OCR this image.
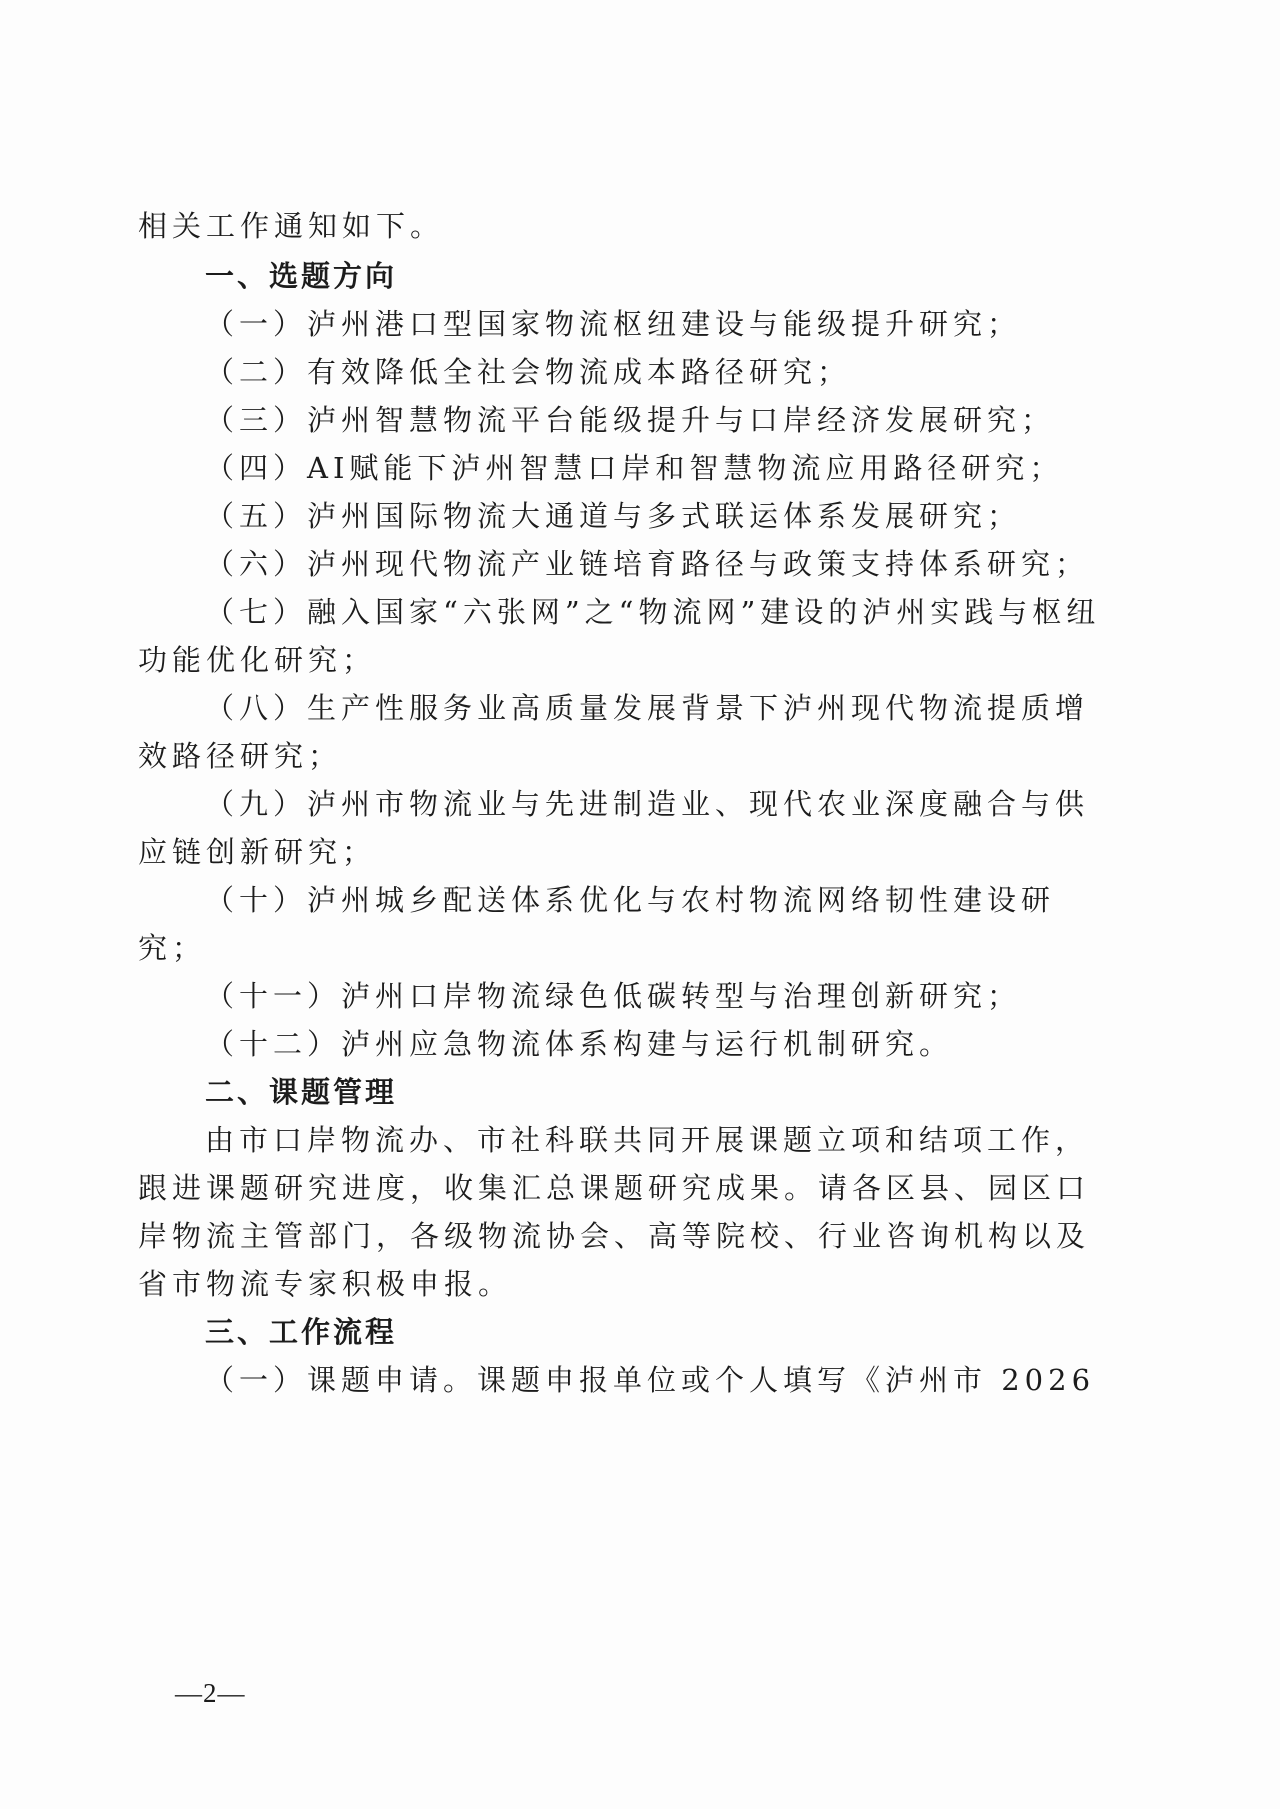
相关工作通知如下。
一、选题方向
（一）泸州港口型国家物流枢纽建设与能级提升研究；
（二）有效降低全社会物流成本路径研究；
（三）泸州智慧物流平台能级提升与口岸经济发展研究；
（四）AI赋能下泸州智慧口岸和智慧物流应用路径研究；
（五）泸州国际物流大通道与多式联运体系发展研究；
（六）泸州现代物流产业链培育路径与政策支持体系研究；
（七）融入国家“六张网”之“物流网”建设的泸州实践与枢纽
功能优化研究；
（八）生产性服务业高质量发展背景下泸州现代物流提质增
效路径研究；
（九）泸州市物流业与先进制造业、现代农业深度融合与供
应链创新研究；
（十）泸州城乡配送体系优化与农村物流网络韧性建设研
究；
（十一）泸州口岸物流绿色低碳转型与治理创新研究；
（十二）泸州应急物流体系构建与运行机制研究。
二、课题管理
由市口岸物流办、市社科联共同开展课题立项和结项工作，
跟进课题研究进度，收集汇总课题研究成果。请各区县、园区口
岸物流主管部门，各级物流协会、高等院校、行业咨询机构以及
省市物流专家积极申报。
三、工作流程
（一）课题申请。课题申报单位或个人填写《泸州市 2026
—2—
